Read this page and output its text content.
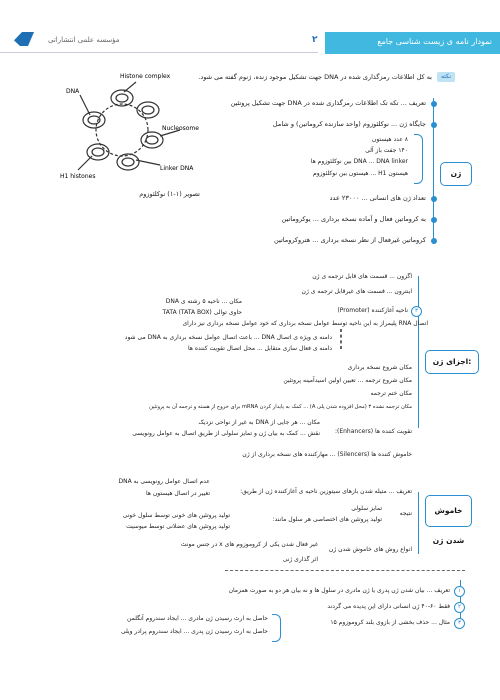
مؤسسه علمی انتشاراتی	۲	نمودار نامه ی زیست شناسی جامع
Histone complex
DNA
Nucleosome
Linker DNA
H1 histones
تصویر (۱-۱) نوکلئوزوم
نکته
به کل اطلاعات رمزگذاری شده در DNA جهت تشکیل موجود زنده، ژنوم گفته می شود.
ژن
تعریف ... تکه تک اطلاعات رمزگذاری شده در DNA جهت تشکیل پروتئین
جایگاه ژن ... نوکلئوزوم (واحد سازنده کروماتین) و شامل
۸ عدد هیستون
۱۴۰ جفت باز آلی
DNA ... DNA linker بین نوکلئوزوم ها
هیستون H1 ... هیستون بین نوکلئوزوم
تعداد ژن های انسانی ... ۲۳۰۰۰ عدد
به کروماتین فعال و آماده نسخه برداری ... یوکروماتین
کروماتین غیرفعال از نظر نسخه برداری ... هتروکروماتین
اجزای ژن:
اگزون ... قسمت های قابل ترجمه ی ژن
اینترون ... قسمت های غیرقابل ترجمه ی ژن
۳
ناحیه آغازکننده (Promoter)
مکان ... ناحیه ۵ رشته ی DNA
حاوی توالی TATA (TATA BOX)
اتصال RNA پلیمراز به این ناحیه توسط عوامل نسخه برداری که خود عوامل نسخه برداری نیز دارای
دامنه ی ویژه ی اتصال DNA ... باعث اتصال عوامل نسخه برداری به DNA می شود
دامنه ی فعال سازی متقابل ... محل اتصال تقویت کننده ها
مکان شروع نسخه برداری
مکان شروع ترجمه ... تعیین اولین اسیدآمینه پروتئین
مکان ختم ترجمه
مکان ترجمه نشده ۳ (محل افزوده شدن پلی A) ... کمک به پایدار کردن mRNA برای خروج از هسته و ترجمه آن به پروتئین
تقویت کننده ها (Enhancers):
مکان ... هر جایی از DNA به غیر از نواحی نزدیک
نقش ... کمک به بیان ژن و تمایز سلولی از طریق اتصال به عوامل رونویسی
خاموش کننده ها (Silencers) ... مهارکننده های نسخه برداری از ژن
خاموش شدن ژن
تعریف ... متیله شدن بازهای سیتوزین ناحیه ی آغازکننده ژن از طریق:
عدم اتصال عوامل رونویسی به DNA
تغییر در اتصال هیستون ها
نتیجه
تمایز سلولی
تولید پروتئین های اختصاصی هر سلول مانند:
تولید پروتئین های خونی توسط سلول خونی
تولید پروتئین های عضلانی توسط میوسیت
انواع روش های خاموش شدن ژن
غیر فعال شدن یکی از کروموزوم های x در جنس مونث
اثر گذاری ژنی
۱
تعریف ... بیان شدن ژن پدری یا ژن مادری در سلول ها و نه بیان هر دو به صورت همزمان
۲
فقط ۶۰-۴۰ ژن انسانی دارای این پدیده می گردند
۳
مثال ... حذف بخشی از بازوی بلند کروموزوم ۱۵
حاصل به ارث رسیدن ژن مادری ... ایجاد سندروم آنگلمن
حاصل به ارث رسیدن ژن پدری ... ایجاد سندروم پرادر ویلی
